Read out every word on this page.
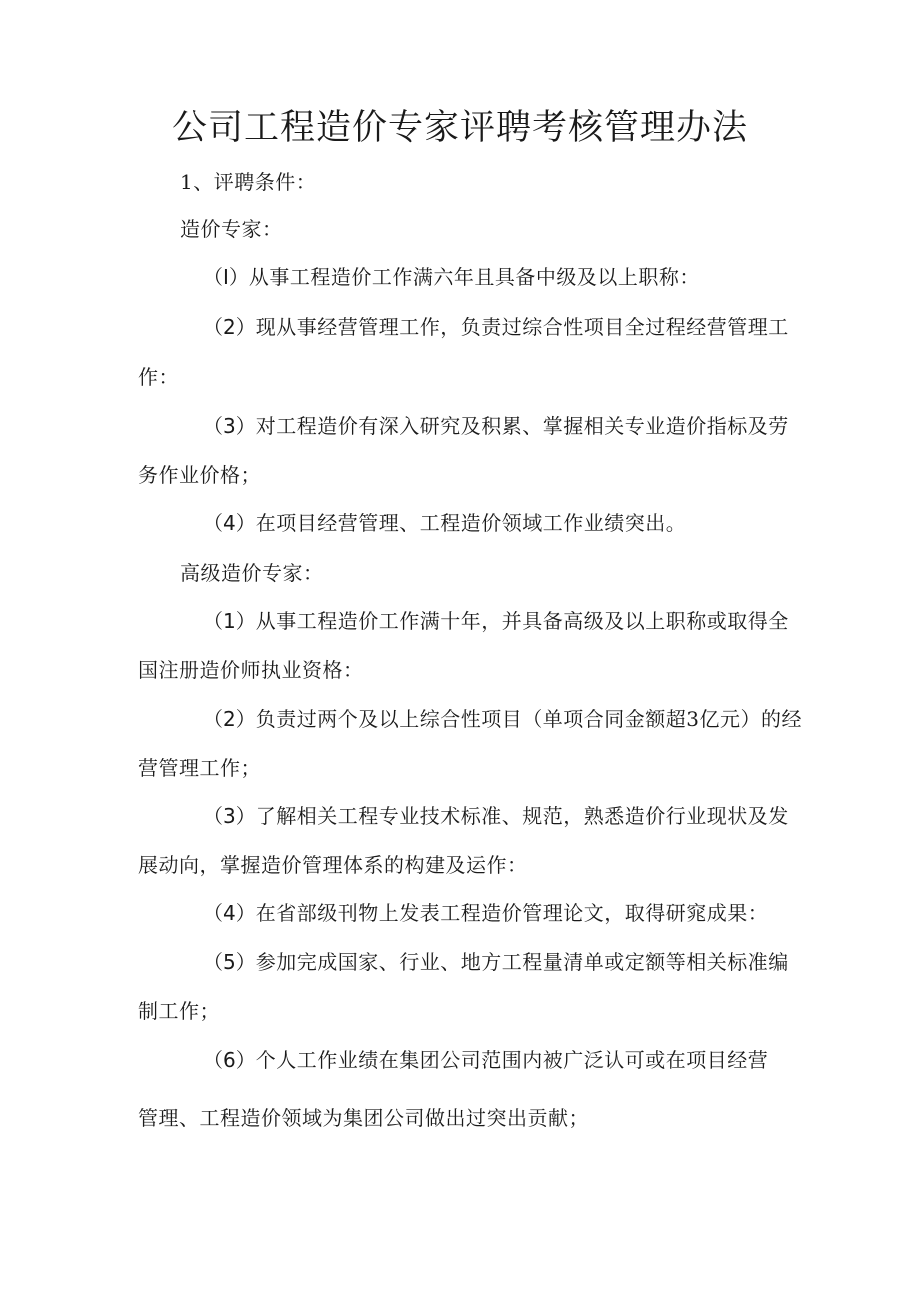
公司工程造价专家评聘考核管理办法

1、评聘条件：

造价专家：

（I）从事工程造价工作满六年且具备中级及以上职称：

（2）现从事经营管理工作，负责过综合性项目全过程经营管理工

作：

（3）对工程造价有深入研究及积累、掌握相关专业造价指标及劳

务作业价格；

（4）在项目经营管理、工程造价领域工作业绩突出。

高级造价专家：

（1）从事工程造价工作满十年，并具备高级及以上职称或取得全

国注册造价师执业资格：

（2）负责过两个及以上综合性项目（单项合同金额超3亿元）的经

营管理工作；

（3）了解相关工程专业技术标准、规范，熟悉造价行业现状及发

展动向，掌握造价管理体系的构建及运作：

（4）在省部级刊物上发表工程造价管理论文，取得研窕成果：

（5）参加完成国家、行业、地方工程量清单或定额等相关标准编

制工作；

（6）个人工作业绩在集团公司范围内被广泛认可或在项目经营

管理、工程造价领域为集团公司做出过突出贡献；
